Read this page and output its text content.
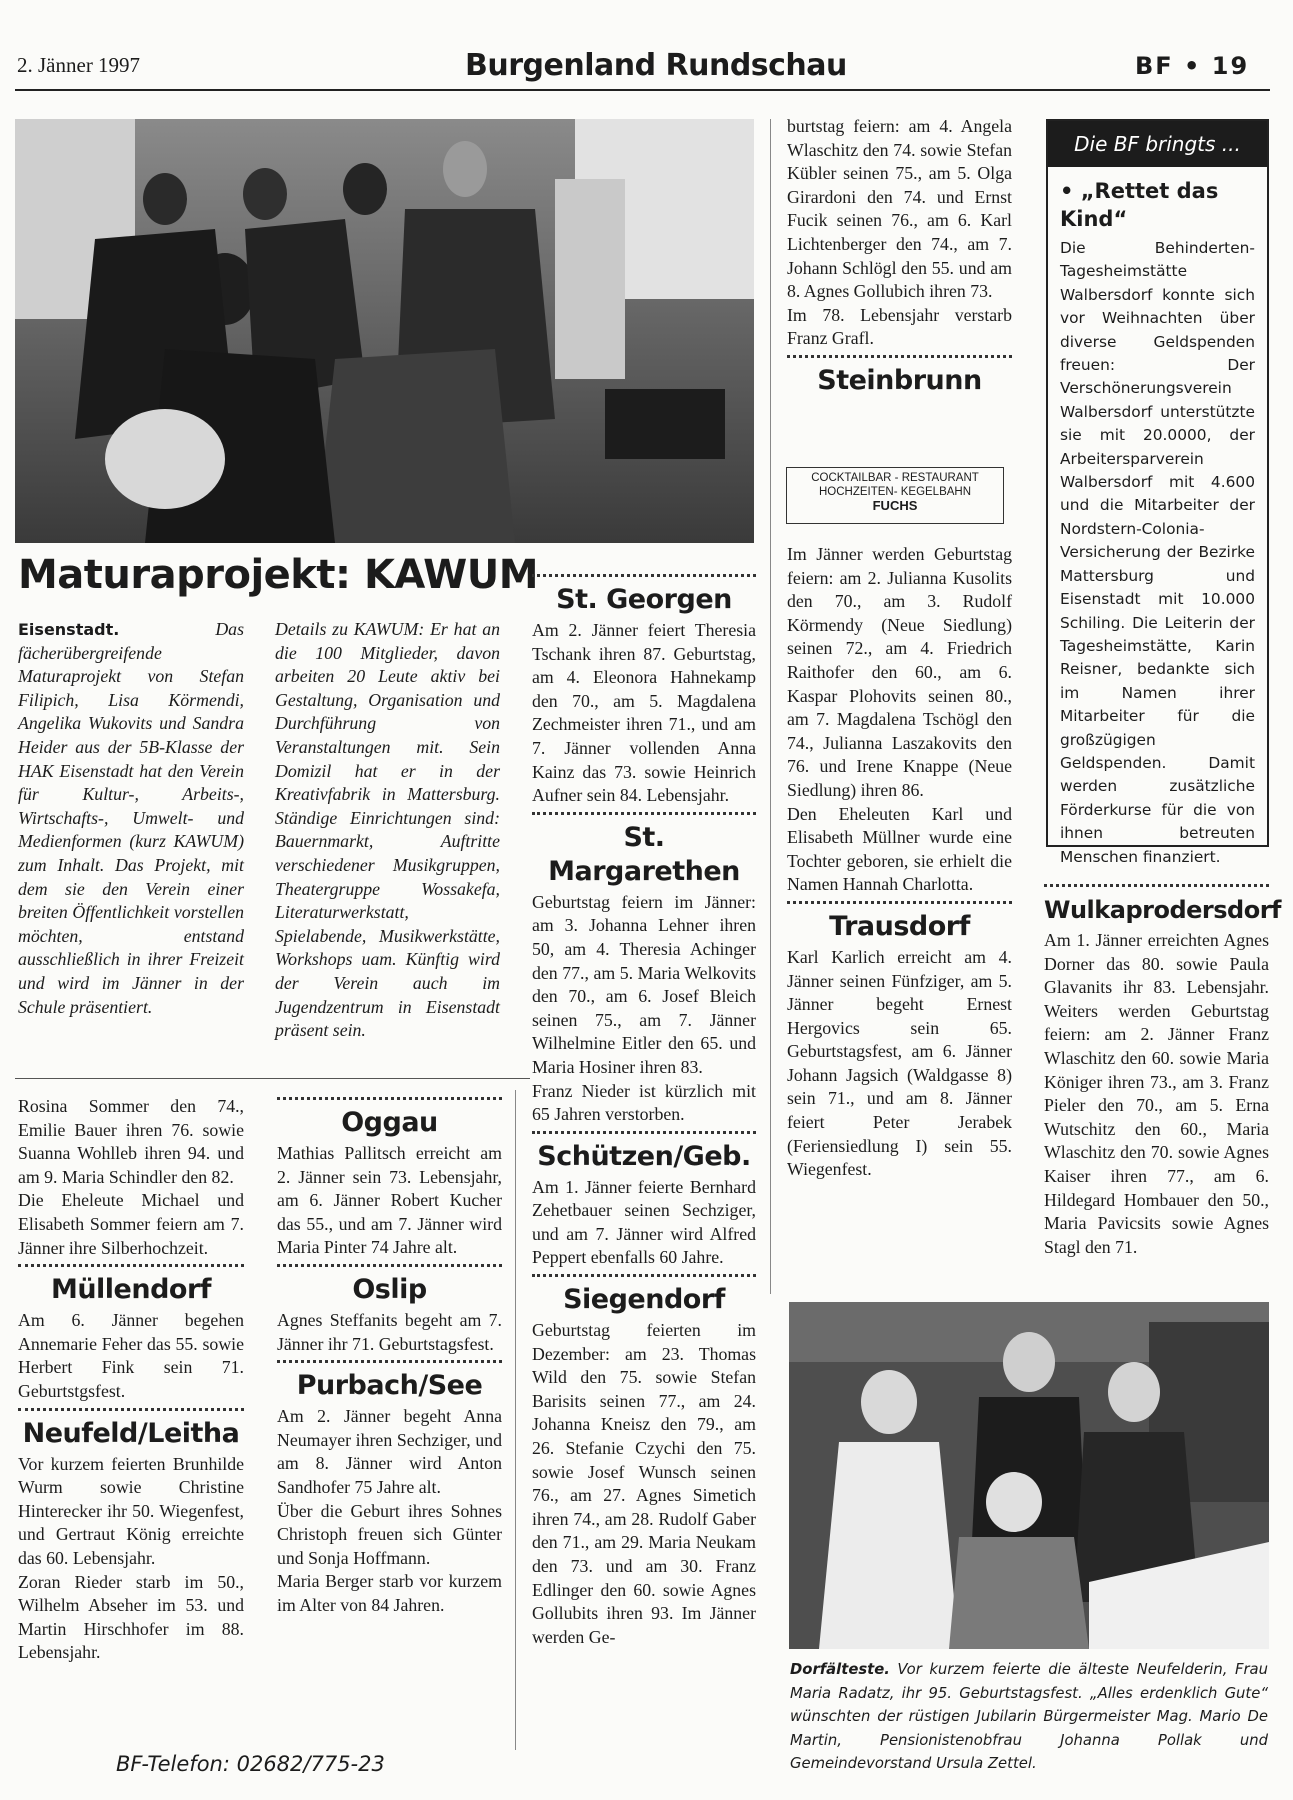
2. Jänner 1997	Burgenland Rundschau	BF • 19
Maturaprojekt: KAWUM

Eisenstadt.	Das fächerübergreifende Maturaprojekt von Stefan Filipich, Lisa Körmendi, Angelika Wukovits und Sandra Heider aus der 5B-Klasse der HAK Eisenstadt hat den Verein für Kultur-, Arbeits-, Wirtschafts-, Umwelt- und Medienformen (kurz KAWUM) zum Inhalt. Das Projekt, mit dem sie den Verein einer breiten Öffentlichkeit vorstellen möchten, entstand ausschließlich in ihrer Freizeit und wird im Jänner in der Schule präsentiert.

Details zu KAWUM: Er hat an die 100 Mitglieder, davon arbeiten 20 Leute aktiv bei Gestaltung, Organisation und Durchführung von Veranstaltungen mit. Sein Domizil hat er in der Kreativfabrik in Mattersburg. Ständige Einrichtungen sind: Bauernmarkt, Auftritte verschiedener Musikgruppen, Theatergruppe Wossakefa, Literaturwerkstatt, Spielabende, Musikwerkstätte, Workshops uam. Künftig wird der Verein auch im Jugendzentrum in Eisenstadt präsent sein.

Rosina Sommer den 74., Emilie Bauer ihren 76. sowie Suanna Wohlleb ihren 94. und am 9. Maria Schindler den 82.

Die Eheleute Michael und Elisabeth Sommer feiern am 7. Jänner ihre Silberhochzeit.

Müllendorf

Am 6. Jänner begehen Annemarie Feher das 55. sowie Herbert Fink sein 71. Geburtstgsfest.

Neufeld/Leitha

Vor kurzem feierten Brunhilde Wurm sowie Christine Hinterecker ihr 50. Wiegenfest, und Gertraut König erreichte das 60. Lebensjahr.

Zoran Rieder starb im 50., Wilhelm Abseher im 53. und Martin Hirschhofer im 88. Lebensjahr.

Oggau

Mathias Pallitsch erreicht am 2. Jänner sein 73. Lebensjahr, am 6. Jänner Robert Kucher das 55., und am 7. Jänner wird Maria Pinter 74 Jahre alt.

Oslip

Agnes Steffanits begeht am 7. Jänner ihr 71. Geburtstagsfest.

Purbach/See

Am 2. Jänner begeht Anna Neumayer ihren Sechziger, und am 8. Jänner wird Anton Sandhofer 75 Jahre alt.

Über die Geburt ihres Sohnes Christoph freuen sich Günter und Sonja Hoffmann.

Maria Berger starb vor kurzem im Alter von 84 Jahren.

St. Georgen

Am 2. Jänner feiert Theresia Tschank ihren 87. Geburtstag, am 4. Eleonora Hahnekamp den 70., am 5. Magdalena Zechmeister ihren 71., und am 7. Jänner vollenden Anna Kainz das 73. sowie Heinrich Aufner sein 84. Lebensjahr.

St. Margarethen

Geburtstag feiern im Jänner: am 3. Johanna Lehner ihren 50, am 4. Theresia Achinger den 77., am 5. Maria Welkovits den 70., am 6. Josef Bleich seinen 75., am 7. Jänner Wilhelmine Eitler den 65. und Maria Hosiner ihren 83.

Franz Nieder ist kürzlich mit 65 Jahren verstorben.

Schützen/Geb.

Am 1. Jänner feierte Bernhard Zehetbauer seinen Sechziger, und am 7. Jänner wird Alfred Peppert ebenfalls 60 Jahre.

Siegendorf

Geburtstag feierten im Dezember: am 23. Thomas Wild den 75. sowie Stefan Barisits seinen 77., am 24. Johanna Kneisz den 79., am 26. Stefanie Czychi den 75. sowie Josef Wunsch seinen 76., am 27. Agnes Simetich ihren 74., am 28. Rudolf Gaber den 71., am 29. Maria Neukam den 73. und am 30. Franz Edlinger den 60. sowie Agnes Gollubits ihren 93. Im Jänner werden Ge-

burtstag feiern: am 4. Angela Wlaschitz den 74. sowie Stefan Kübler seinen 75., am 5. Olga Girardoni den 74. und Ernst Fucik seinen 76., am 6. Karl Lichtenberger den 74., am 7. Johann Schlögl den 55. und am 8. Agnes Gollubich ihren 73.

Im 78. Lebensjahr verstarb Franz Grafl.

Steinbrunn
COCKTAILBAR - RESTAURANT
HOCHZEITEN- KEGELBAHN
FUCHS

Im Jänner werden Geburtstag feiern: am 2. Julianna Kusolits den 70., am 3. Rudolf Körmendy (Neue Siedlung) seinen 72., am 4. Friedrich Raithofer den 60., am 6. Kaspar Plohovits seinen 80., am 7. Magdalena Tschögl den 74., Julianna Laszakovits den 76. und Irene Knappe (Neue Siedlung) ihren 86.

Den Eheleuten Karl und Elisabeth Müllner wurde eine Tochter geboren, sie erhielt die Namen Hannah Charlotta.

Trausdorf

Karl Karlich erreicht am 4. Jänner seinen Fünfziger, am 5. Jänner begeht Ernest Hergovics sein 65. Geburtstagsfest, am 6. Jänner Johann Jagsich (Waldgasse 8) sein 71., und am 8. Jänner feiert Peter Jerabek (Feriensiedlung I) sein 55. Wiegenfest.

Die BF bringts ...
• „Rettet das Kind“
Die Behinderten-Tagesheimstätte Walbersdorf konnte sich vor Weihnachten über diverse Geldspenden freuen: Der Verschönerungsverein Walbersdorf unterstützte sie mit 20.0000, der Arbeitersparverein Walbersdorf mit 4.600 und die Mitarbeiter der Nordstern-Colonia-Versicherung der Bezirke Mattersburg und Eisenstadt mit 10.000 Schiling. Die Leiterin der Tagesheimstätte, Karin Reisner, bedankte sich im Namen ihrer Mitarbeiter für die großzügigen Geldspenden. Damit werden zusätzliche Förderkurse für die von ihnen betreuten Menschen finanziert.
Wulkaprodersdorf

Am 1. Jänner erreichten Agnes Dorner das 80. sowie Paula Glavanits ihr 83. Lebensjahr. Weiters werden Geburtstag feiern: am 2. Jänner Franz Wlaschitz den 60. sowie Maria Königer ihren 73., am 3. Franz Pieler den 70., am 5. Erna Wutschitz den 60., Maria Wlaschitz den 70. sowie Agnes Kaiser ihren 77., am 6. Hildegard Hombauer den 50., Maria Pavicsits sowie Agnes Stagl den 71.

Dorfälteste. Vor kurzem feierte die älteste Neufelderin, Frau Maria Radatz, ihr 95. Geburtstagsfest. „Alles erdenklich Gute“ wünschten der rüstigen Jubilarin Bürgermeister Mag. Mario De Martin, Pensionistenobfrau Johanna Pollak und Gemeindevorstand Ursula Zettel.
BF-Telefon: 02682/775-23
